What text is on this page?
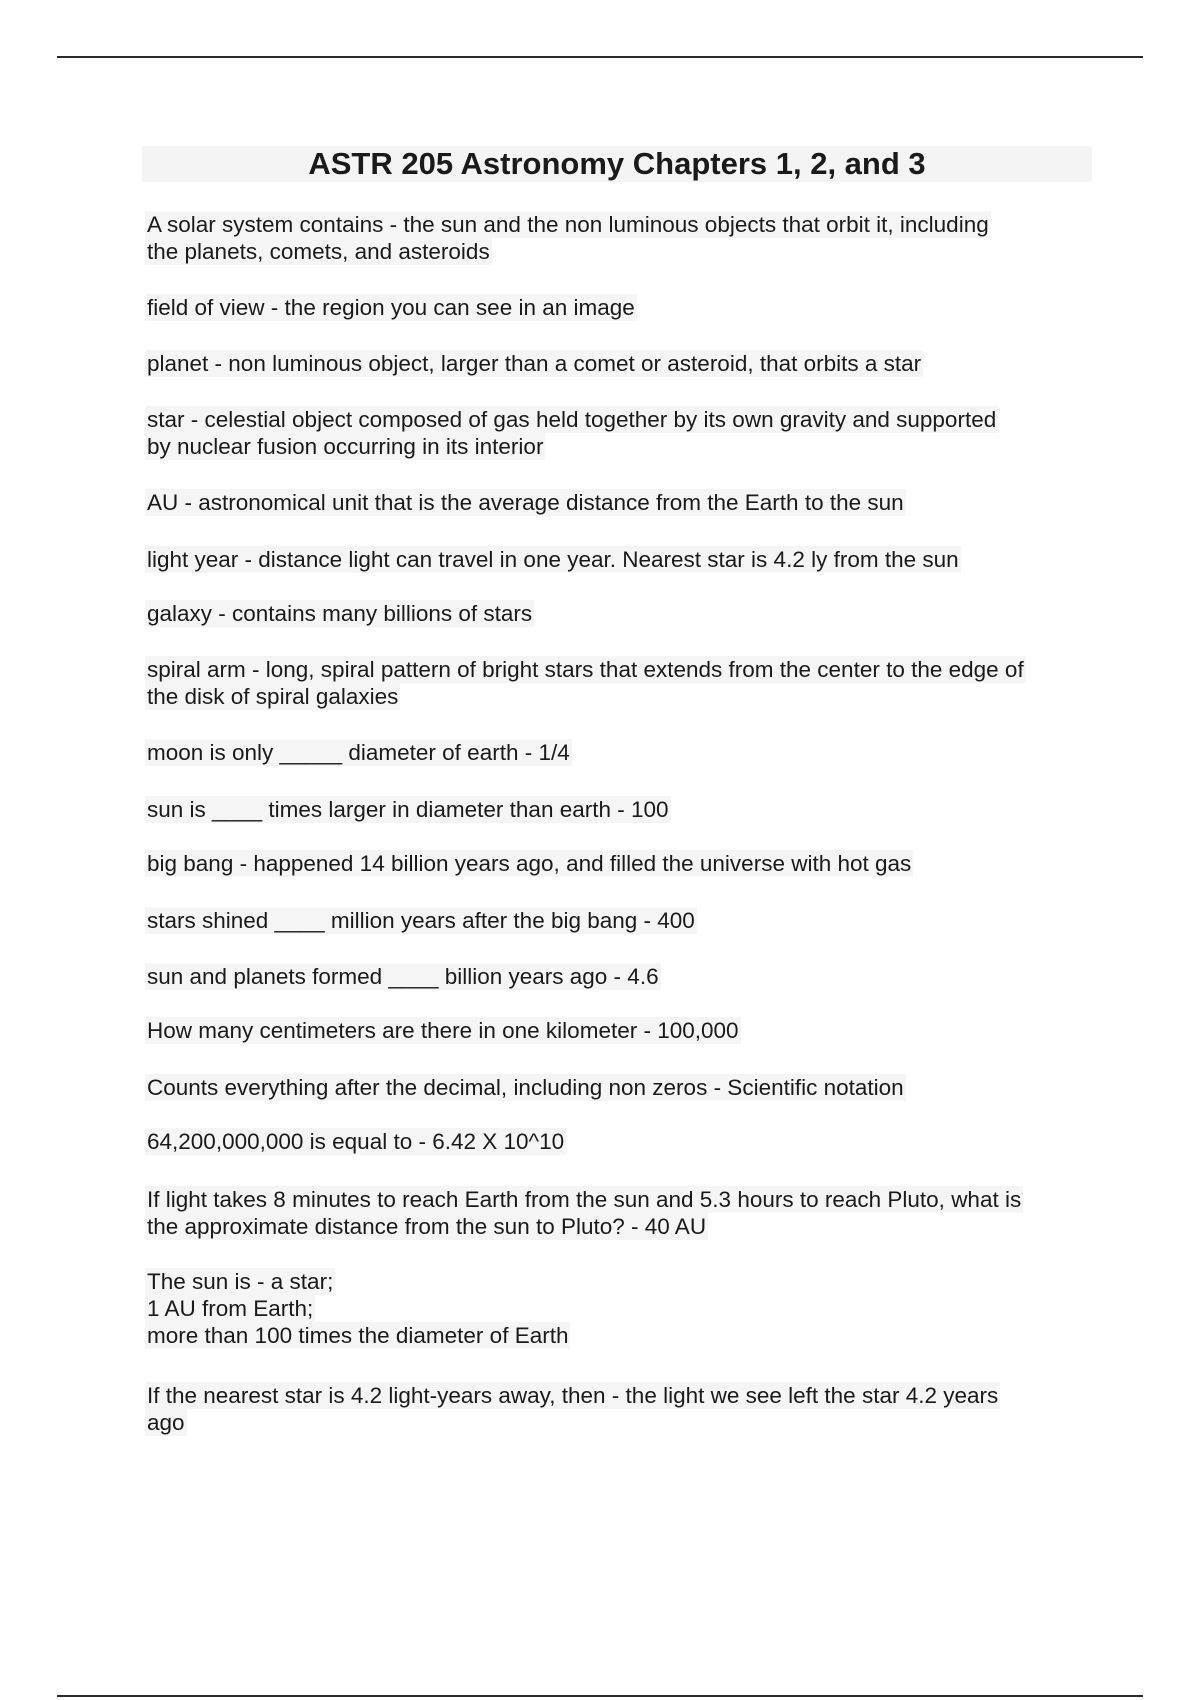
ASTR 205 Astronomy Chapters 1, 2, and 3
A solar system contains - the sun and the non luminous objects that orbit it, including
the planets, comets, and asteroids
field of view - the region you can see in an image
planet - non luminous object, larger than a comet or asteroid, that orbits a star
star - celestial object composed of gas held together by its own gravity and supported
by nuclear fusion occurring in its interior
AU - astronomical unit that is the average distance from the Earth to the sun
light year - distance light can travel in one year. Nearest star is 4.2 ly from the sun
galaxy - contains many billions of stars
spiral arm - long, spiral pattern of bright stars that extends from the center to the edge of
the disk of spiral galaxies
moon is only _____ diameter of earth - 1/4
sun is ____ times larger in diameter than earth - 100
big bang - happened 14 billion years ago, and filled the universe with hot gas
stars shined ____ million years after the big bang - 400
sun and planets formed ____ billion years ago - 4.6
How many centimeters are there in one kilometer - 100,000
Counts everything after the decimal, including non zeros - Scientific notation
64,200,000,000 is equal to - 6.42 X 10^10
If light takes 8 minutes to reach Earth from the sun and 5.3 hours to reach Pluto, what is
the approximate distance from the sun to Pluto? - 40 AU
The sun is - a star;
1 AU from Earth;
more than 100 times the diameter of Earth
If the nearest star is 4.2 light-years away, then - the light we see left the star 4.2 years
ago
